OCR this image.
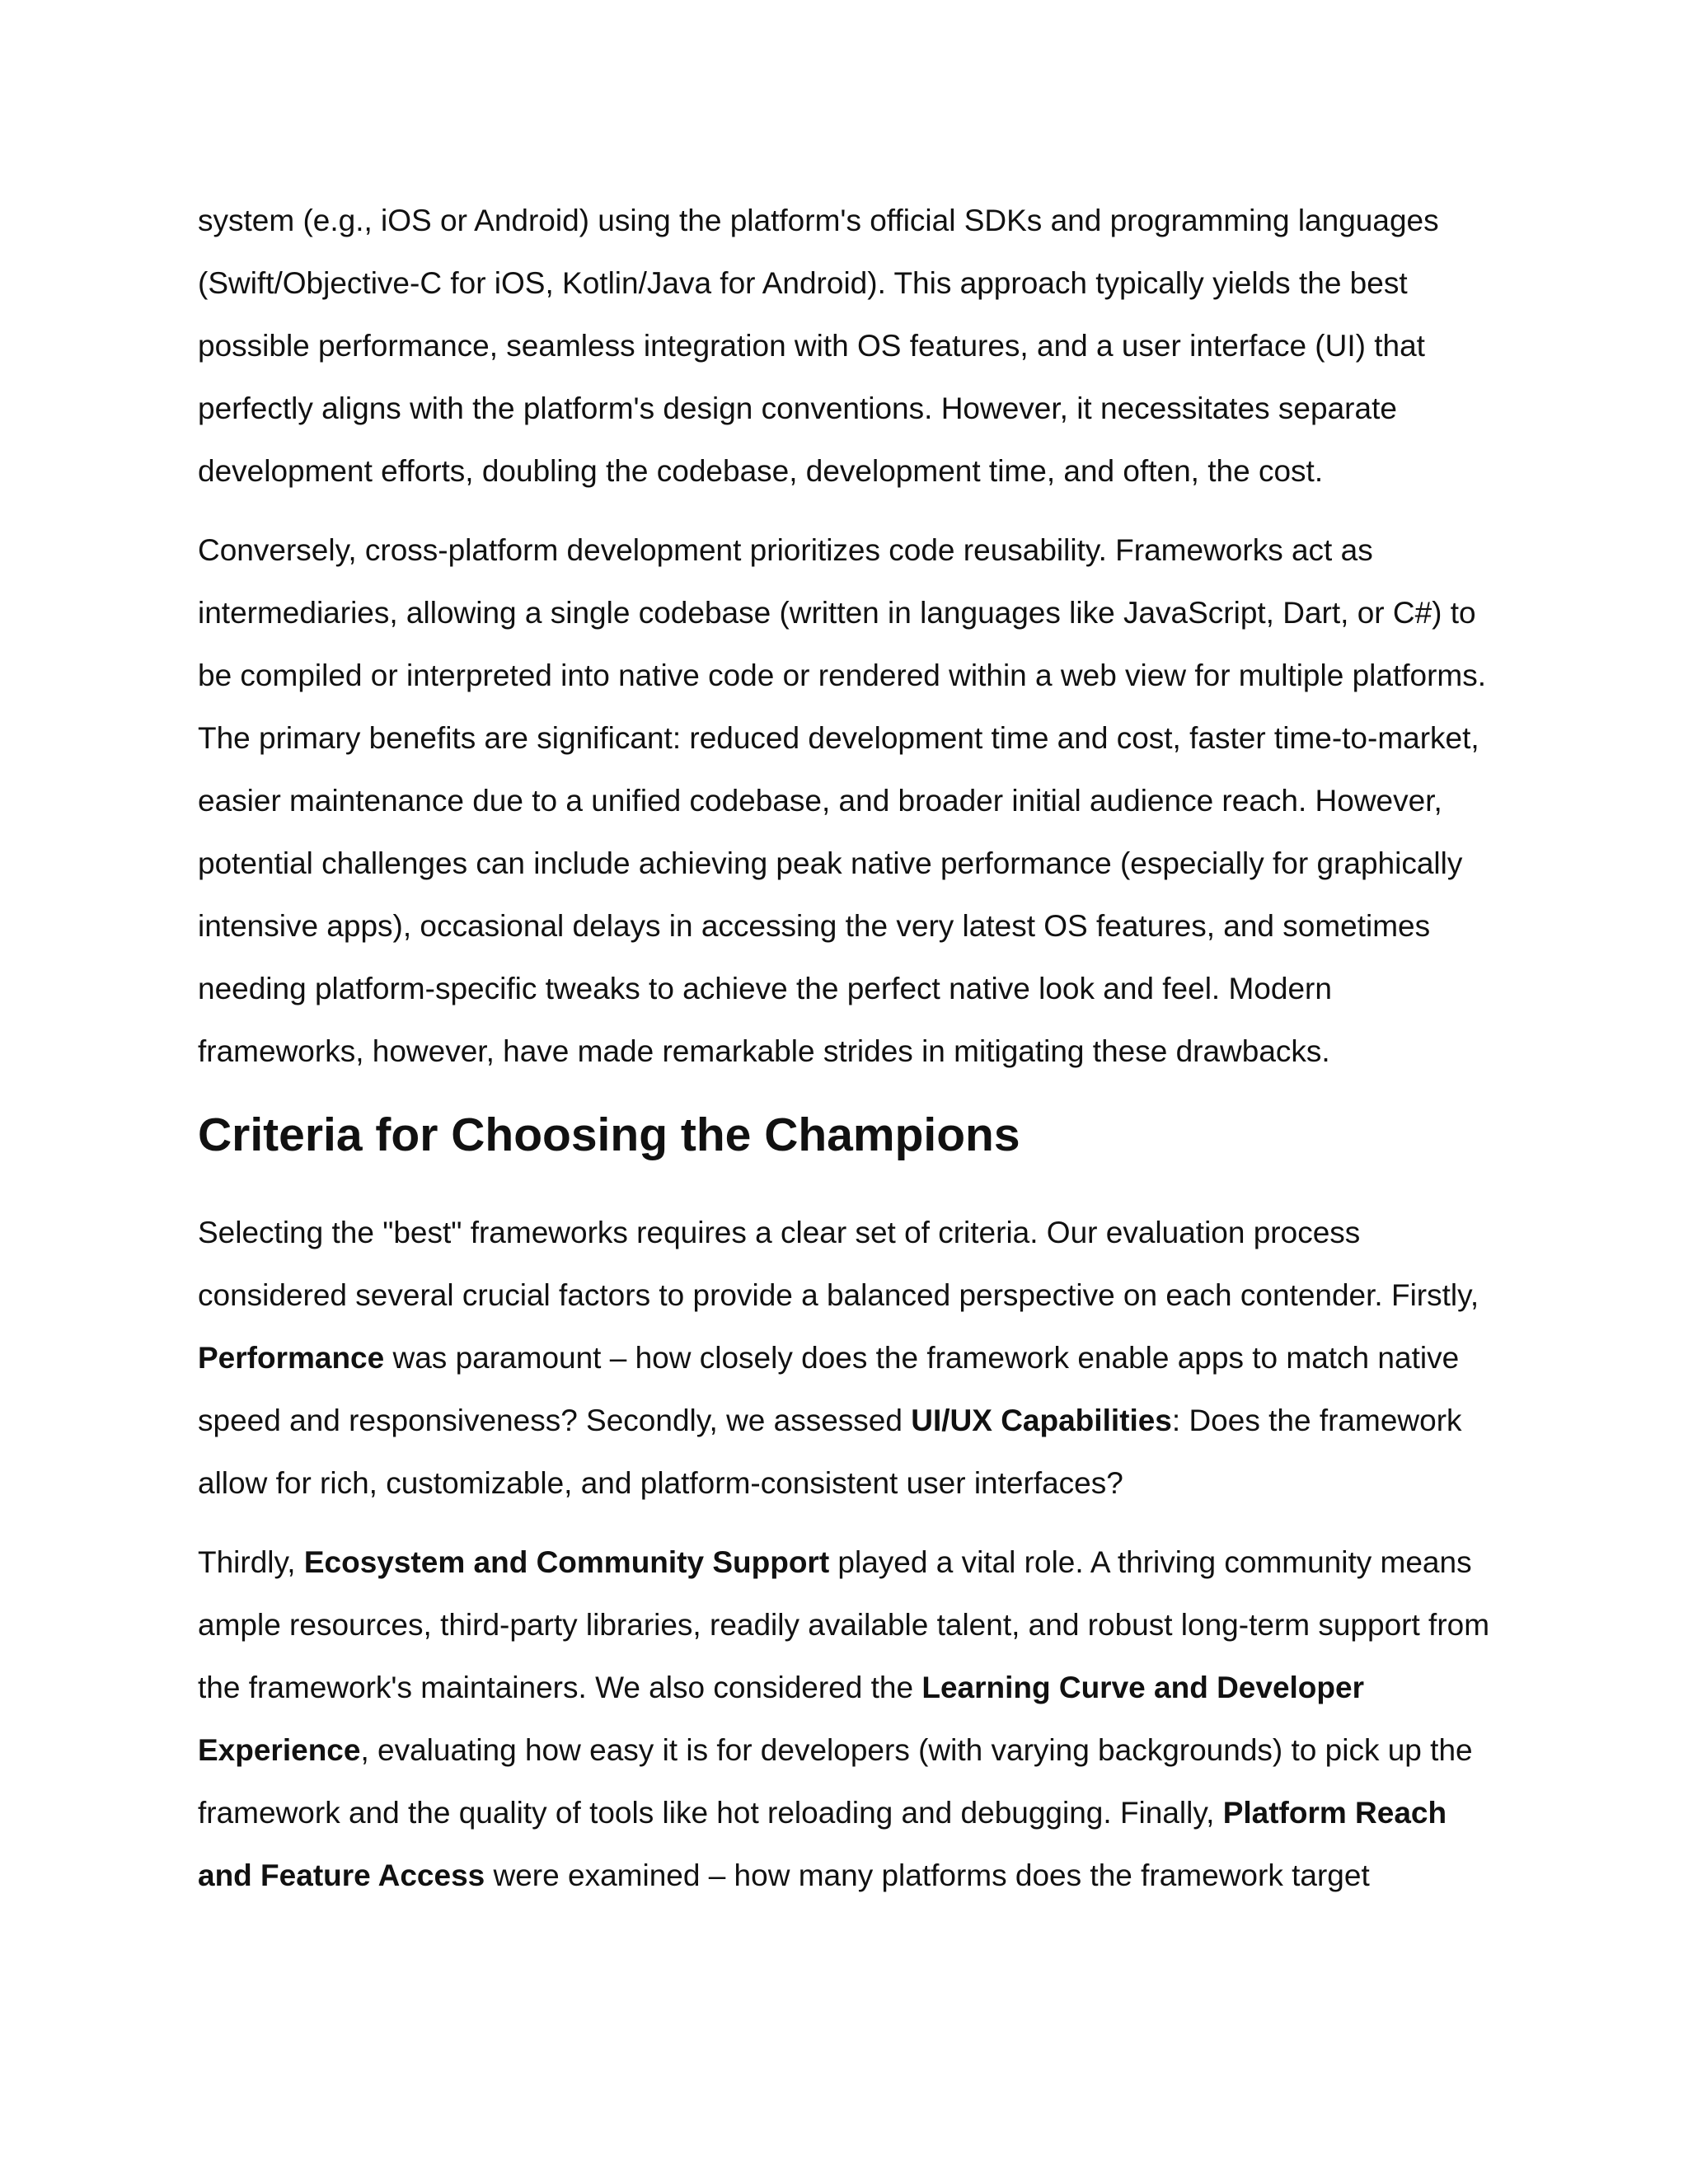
system (e.g., iOS or Android) using the platform's official SDKs and programming languages (Swift/Objective-C for iOS, Kotlin/Java for Android). This approach typically yields the best possible performance, seamless integration with OS features, and a user interface (UI) that perfectly aligns with the platform's design conventions. However, it necessitates separate development efforts, doubling the codebase, development time, and often, the cost.

Conversely, cross-platform development prioritizes code reusability. Frameworks act as intermediaries, allowing a single codebase (written in languages like JavaScript, Dart, or C#) to be compiled or interpreted into native code or rendered within a web view for multiple platforms. The primary benefits are significant: reduced development time and cost, faster time-to-market, easier maintenance due to a unified codebase, and broader initial audience reach. However, potential challenges can include achieving peak native performance (especially for graphically intensive apps), occasional delays in accessing the very latest OS features, and sometimes needing platform-specific tweaks to achieve the perfect native look and feel. Modern frameworks, however, have made remarkable strides in mitigating these drawbacks.

Criteria for Choosing the Champions

Selecting the "best" frameworks requires a clear set of criteria. Our evaluation process considered several crucial factors to provide a balanced perspective on each contender. Firstly, Performance was paramount – how closely does the framework enable apps to match native speed and responsiveness? Secondly, we assessed UI/UX Capabilities: Does the framework allow for rich, customizable, and platform-consistent user interfaces?

Thirdly, Ecosystem and Community Support played a vital role. A thriving community means ample resources, third-party libraries, readily available talent, and robust long-term support from the framework's maintainers. We also considered the Learning Curve and Developer Experience, evaluating how easy it is for developers (with varying backgrounds) to pick up the framework and the quality of tools like hot reloading and debugging. Finally, Platform Reach and Feature Access were examined – how many platforms does the framework target
